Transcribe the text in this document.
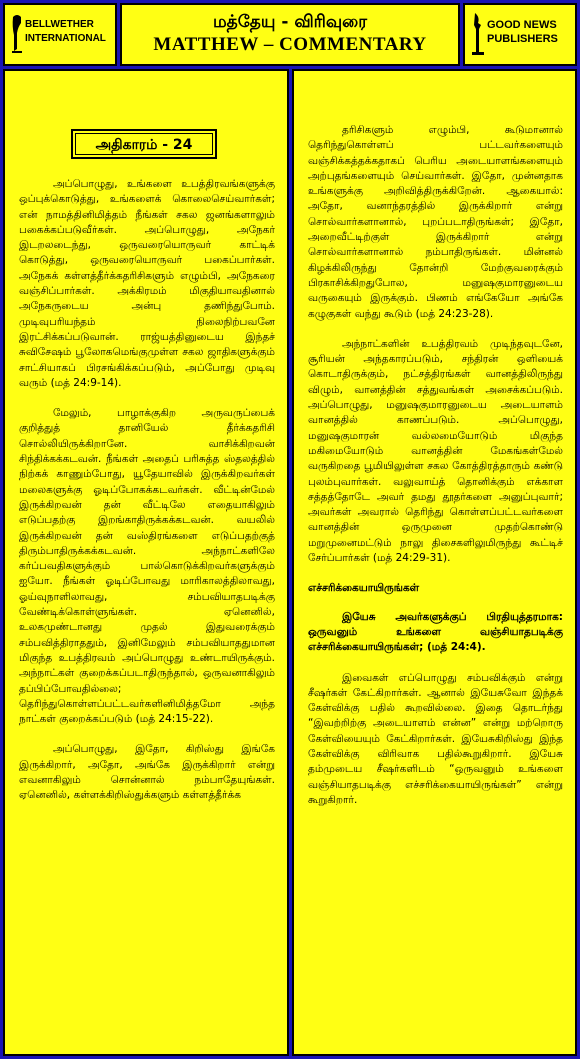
BELLWETHER
INTERNATIONAL
மத்தேயு - விரிவுரை
MATTHEW – COMMENTARY
GOOD NEWS
PUBLISHERS
அதிகாரம் - 24

அப்பொழுது, உங்களை உபத்திரவங்களுக்கு ஒப்புக்கொடுத்து, உங்களைக் கொலைசெய்வார்கள்; என் நாமத்தினிமித்தம் நீங்கள் சகல ஜனங்களாலும் பகைக்கப்படுவீர்கள். அப்பொழுது, அநேகர் இடறலடைந்து, ஒருவரையொருவர் காட்டிக் கொடுத்து, ஒருவரையொருவர் பகைப்பார்கள். அநேகக் கள்ளத்தீர்க்கதரிசிகளும் எழும்பி, அநேகரை வஞ்சிப்பார்கள். அக்கிரமம் மிகுதியாவதினால் அநேகருடைய அன்பு தணிந்துபோம். முடிவுபரியந்தம் நிலைநிற்பவனே இரட்சிக்கப்படுவான். ராஜ்யத்தினுடைய இந்தச் சுவிசேஷம் பூலோகமெங்குமுள்ள சகல ஜாதிகளுக்கும் சாட்சியாகப் பிரசங்கிக்கப்படும், அப்போது முடிவு வரும் (மத் 24:9-14).

மேலும், பாழாக்குகிற அருவருப்பைக் குறித்துத் தானியேல் தீர்க்கதரிசி சொல்லியிருக்கிறானே. வாசிக்கிறவன் சிந்திக்கக்கடவன். நீங்கள் அதைப் பரிசுத்த ஸ்தலத்தில் நிற்கக் காணும்போது, யூதேயாவில் இருக்கிறவர்கள் மலைகளுக்கு ஓடிப்போகக்கடவர்கள். வீட்டின்மேல் இருக்கிறவன் தன் வீட்டிலே எதையாகிலும் எடுப்பதற்கு இறங்காதிருக்கக்கடவன். வயலில் இருக்கிறவன் தன் வஸ்திரங்களை எடுப்பதற்குத் திரும்பாதிருக்கக்கடவன். அந்நாட்களிலே கர்ப்பவதிகளுக்கும் பால்கொடுக்கிறவர்களுக்கும் ஐயோ. நீங்கள் ஓடிப்போவது மாரிகாலத்திலாவது, ஓய்வுநாளிலாவது, சம்பவியாதபடிக்கு வேண்டிக்கொள்ளுங்கள். ஏனெனில், உலகமுண்டானது முதல் இதுவரைக்கும் சம்பவித்திராததும், இனிமேலும் சம்பவியாததுமான மிகுந்த உபத்திரவம் அப்பொழுது உண்டாயிருக்கும். அந்நாட்கள் குறைக்கப்படாதிருந்தால், ஒருவனாகிலும் தப்பிப்போவதில்லை; தெரிந்துகொள்ளப்பட்டவர்களினிமித்தமோ அந்த நாட்கள் குறைக்கப்படும் (மத் 24:15-22).

அப்பொழுது, இதோ, கிறிஸ்து இங்கே இருக்கிறார், அதோ, அங்கே இருக்கிறார் என்று எவனாகிலும் சொன்னால் நம்பாதேயுங்கள். ஏனெனில், கள்ளக்கிறிஸ்துக்களும் கள்ளத்தீர்க்க

தரிசிகளும் எழும்பி, கூடுமானால் தெரிந்துகொள்ளப் பட்டவர்களையும் வஞ்சிக்கத்தக்கதாகப் பெரிய அடையாளங்களையும் அற்புதங்களையும் செய்வார்கள். இதோ, முன்னதாக உங்களுக்கு அறிவித்திருக்கிறேன். ஆகையால்: அதோ, வனாந்தரத்தில் இருக்கிறார் என்று சொல்வார்களானால், புறப்படாதிருங்கள்; இதோ, அறைவீட்டிற்குள் இருக்கிறார் என்று சொல்வார்களானால் நம்பாதிருங்கள். மின்னல் கிழக்கிலிருந்து தோன்றி மேற்குவரைக்கும் பிரகாசிக்கிறதுபோல, மனுஷகுமாரனுடைய வருகையும் இருக்கும். பிணம் எங்கேயோ அங்கே கழுகுகள் வந்து கூடும் (மத் 24:23-28).

அந்நாட்களின் உபத்திரவம் முடிந்தவுடனே, சூரியன் அந்தகாரப்படும், சந்திரன் ஒளியைக் கொடாதிருக்கும், நட்சத்திரங்கள் வானத்திலிருந்து விழும், வானத்தின் சத்துவங்கள் அசைக்கப்படும். அப்பொழுது, மனுஷகுமாரனுடைய அடையாளம் வானத்தில் காணப்படும். அப்பொழுது, மனுஷகுமாரன் வல்லமையோடும் மிகுந்த மகிமையோடும் வானத்தின் மேகங்கள்மேல் வருகிறதை பூமியிலுள்ள சகல கோத்திரத்தாரும் கண்டு புலம்புவார்கள். வலுவாய்த் தொனிக்கும் எக்காள சத்தத்தோடே அவர் தமது தூதர்களை அனுப்புவார்; அவர்கள் அவரால் தெரிந்து கொள்ளப்பட்டவர்களை வானத்தின் ஒருமுனை முதற்கொண்டு மறுமுனைமட்டும் நாலு திசைகளிலுமிருந்து கூட்டிச் சேர்ப்பார்கள் (மத் 24:29-31).

எச்சரிக்கையாயிருங்கள்

இயேசு அவர்களுக்குப் பிரதியுத்தரமாக: ஒருவனும் உங்களை வஞ்சியாதபடிக்கு எச்சரிக்கையாயிருங்கள்; (மத் 24:4).

இவைகள் எப்பொழுது சம்பவிக்கும் என்று சீஷர்கள் கேட்கிறார்கள். ஆனால் இயேசுவோ இந்தக் கேள்விக்கு பதில் கூறவில்லை. இதை தொடர்ந்து “இவற்றிற்கு அடையாளம் என்ன” என்று மற்றொரு கேள்வியையும் கேட்கிறார்கள். இயேசுகிறிஸ்து இந்த கேள்விக்கு விரிவாக பதில்கூறுகிறார். இயேசு தம்முடைய சீஷர்களிடம் “ஒருவனும் உங்களை வஞ்சியாதபடிக்கு எச்சரிக்கையாயிருங்கள்” என்று கூறுகிறார்.
